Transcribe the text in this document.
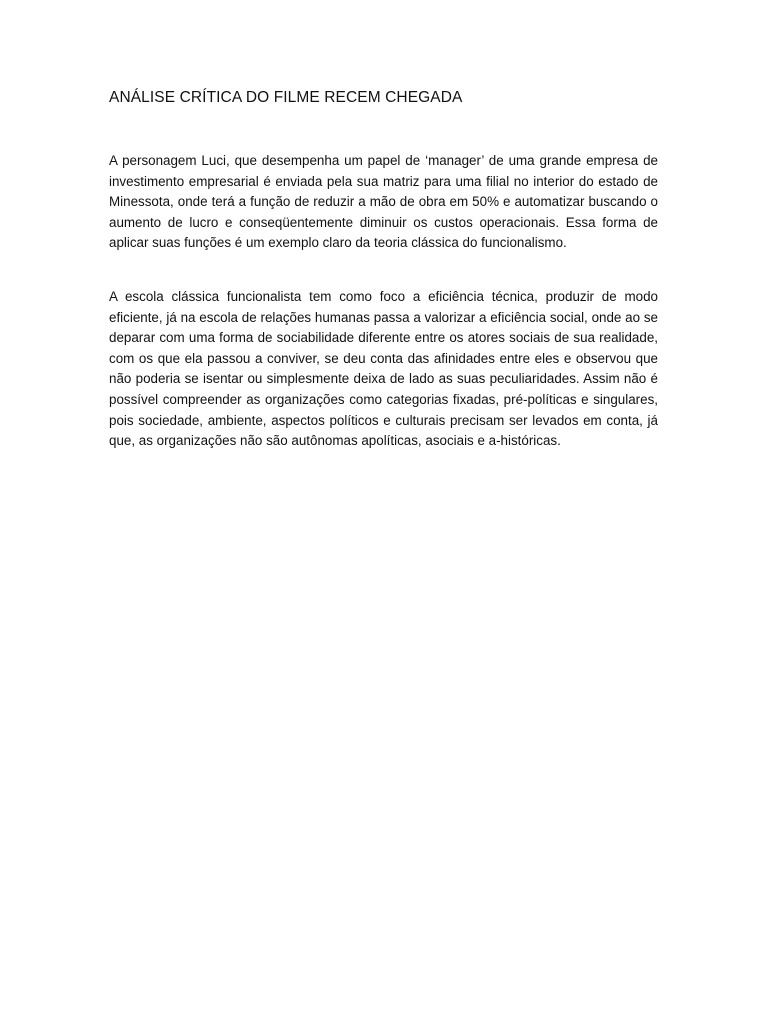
ANÁLISE CRÍTICA DO FILME RECEM CHEGADA

A personagem Luci, que desempenha um papel de ‘manager’ de uma grande empresa de investimento empresarial é enviada pela sua matriz para uma filial no interior do estado de Minessota, onde terá a função de reduzir a mão de obra em 50% e automatizar buscando o aumento de lucro e conseqüentemente diminuir os custos operacionais. Essa forma de aplicar suas funções é um exemplo claro da teoria clássica do funcionalismo.

A escola clássica funcionalista tem como foco a eficiência técnica, produzir de modo eficiente, já na escola de relações humanas passa a valorizar a eficiência social, onde ao se deparar com uma forma de sociabilidade diferente entre os atores sociais de sua realidade, com os que ela passou a conviver, se deu conta das afinidades entre eles e observou que não poderia se isentar ou simplesmente deixa de lado as suas peculiaridades. Assim não é possível compreender as organizações como categorias fixadas, pré-políticas e singulares, pois sociedade, ambiente, aspectos políticos e culturais precisam ser levados em conta, já que, as organizações não são autônomas apolíticas, asociais e a-históricas.
